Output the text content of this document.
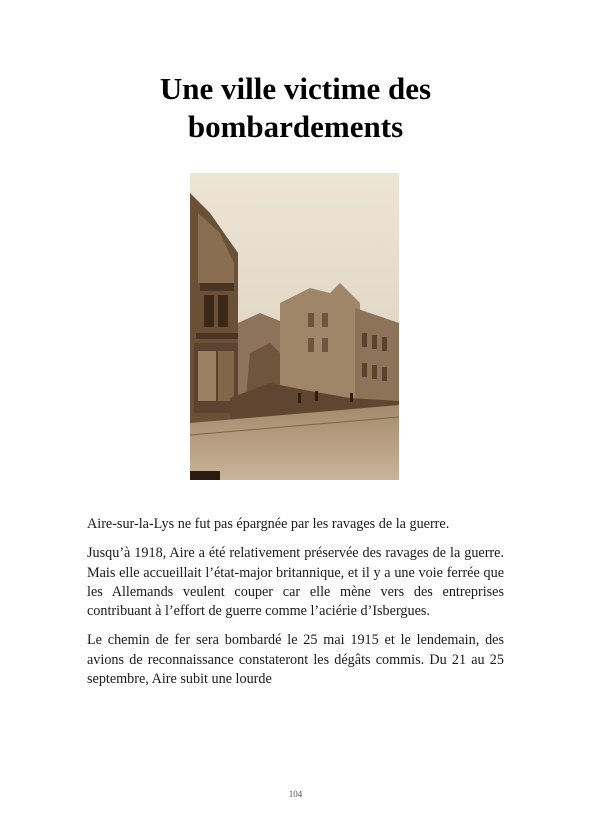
Une ville victime des
bombardements

Aire-sur-la-Lys ne fut pas épargnée par les ravages de la guerre.

Jusqu’à 1918, Aire a été relativement préservée des ravages de la guerre. Mais elle accueillait l’état-major britannique, et il y a une voie ferrée que les Allemands veulent couper car elle mène vers des entreprises contribuant à l’effort de guerre comme l’aciérie d’Isbergues.

Le chemin de fer sera bombardé le 25 mai 1915 et le lendemain, des avions de reconnaissance constateront les dégâts commis. Du 21 au 25 septembre, Aire subit une lourde

104
